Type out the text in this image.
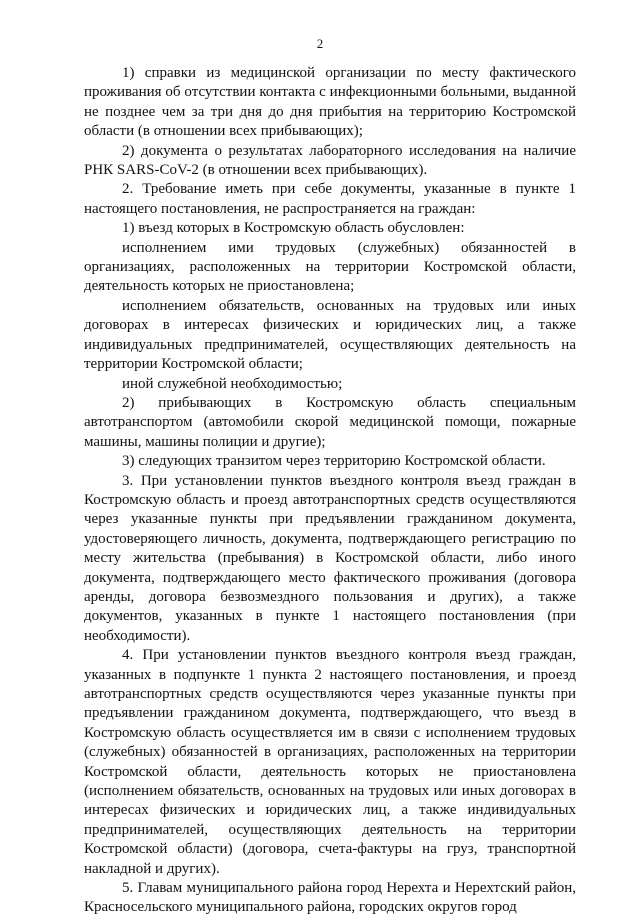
2

1) справки из медицинской организации по месту фактического проживания об отсутствии контакта с инфекционными больными, выданной не позднее чем за три дня до дня прибытия на территорию Костромской области (в отношении всех прибывающих);

2) документа о результатах лабораторного исследования на наличие РНК SARS-CoV-2 (в отношении всех прибывающих).

2. Требование иметь при себе документы, указанные в пункте 1 настоящего постановления, не распространяется на граждан:

1) въезд которых в Костромскую область обусловлен:

исполнением ими трудовых (служебных) обязанностей в организациях, расположенных на территории Костромской области, деятельность которых не приостановлена;

исполнением обязательств, основанных на трудовых или иных договорах в интересах физических и юридических лиц, а также индивидуальных предпринимателей, осуществляющих деятельность на территории Костромской области;

иной служебной необходимостью;

2) прибывающих в Костромскую область специальным автотранспортом (автомобили скорой медицинской помощи, пожарные машины, машины полиции и другие);

3) следующих транзитом через территорию Костромской области.

3. При установлении пунктов въездного контроля въезд граждан в Костромскую область и проезд автотранспортных средств осуществляются через указанные пункты при предъявлении гражданином документа, удостоверяющего личность, документа, подтверждающего регистрацию по месту жительства (пребывания) в Костромской области, либо иного документа, подтверждающего место фактического проживания (договора аренды, договора безвозмездного пользования и других), а также документов, указанных в пункте 1 настоящего постановления (при необходимости).

4. При установлении пунктов въездного контроля въезд граждан, указанных в подпункте 1 пункта 2 настоящего постановления, и проезд автотранспортных средств осуществляются через указанные пункты при предъявлении гражданином документа, подтверждающего, что въезд в Костромскую область осуществляется им в связи с исполнением трудовых (служебных) обязанностей в организациях, расположенных на территории Костромской области, деятельность которых не приостановлена (исполнением обязательств, основанных на трудовых или иных договорах в интересах физических и юридических лиц, а также индивидуальных предпринимателей, осуществляющих деятельность на территории Костромской области) (договора, счета-фактуры на груз, транспортной накладной и других).

5. Главам муниципального района город Нерехта и Нерехтский район, Красносельского муниципального района, городских округов город
